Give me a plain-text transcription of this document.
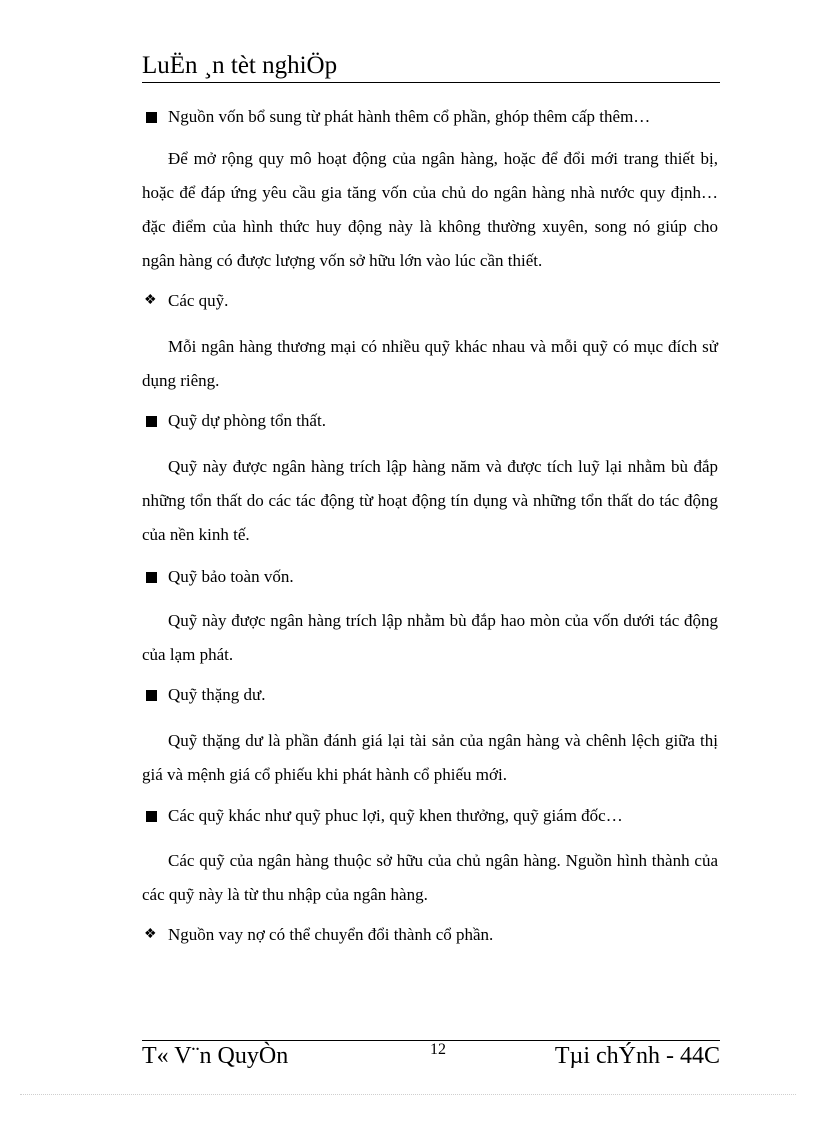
LuËn ¸n tèt nghiÖp
Nguồn vốn bổ sung từ phát hành thêm cổ phần, ghóp thêm cấp thêm…
Để mở rộng quy mô hoạt động của ngân hàng, hoặc để đổi mới trang thiết bị, hoặc để đáp ứng yêu cầu gia tăng vốn của chủ do ngân hàng nhà nước quy định… đặc điểm của hình thức huy động này là không thường xuyên, song nó giúp cho ngân hàng có được lượng vốn sở hữu lớn vào lúc cần thiết.
❖ Các quỹ.
Mỗi ngân hàng thương mại có nhiều quỹ khác nhau và mỗi quỹ có mục đích sử dụng riêng.
Quỹ dự phòng tổn thất.
Quỹ này được ngân hàng trích lập hàng năm và được tích luỹ lại nhằm bù đắp những tổn thất do các tác động từ hoạt động tín dụng và những tổn thất do tác động của nền kinh tế.
Quỹ bảo toàn vốn.
Quỹ này được ngân hàng trích lập nhằm bù đắp hao mòn của vốn dưới tác động của lạm phát.
Quỹ thặng dư.
Quỹ thặng dư là phần đánh giá lại tài sản của ngân hàng và chênh lệch giữa thị giá và mệnh giá cổ phiếu khi phát hành cổ phiếu mới.
Các quỹ khác như quỹ phuc lợi, quỹ khen thưởng, quỹ giám đốc…
Các quỹ của ngân hàng thuộc sở hữu của chủ ngân hàng. Nguồn hình thành của các quỹ này là từ thu nhập của ngân hàng.
❖ Nguồn vay nợ có thể chuyển đổi thành cổ phần.
T« V¨n QuyÒn	12	Tµi chÝnh - 44C
